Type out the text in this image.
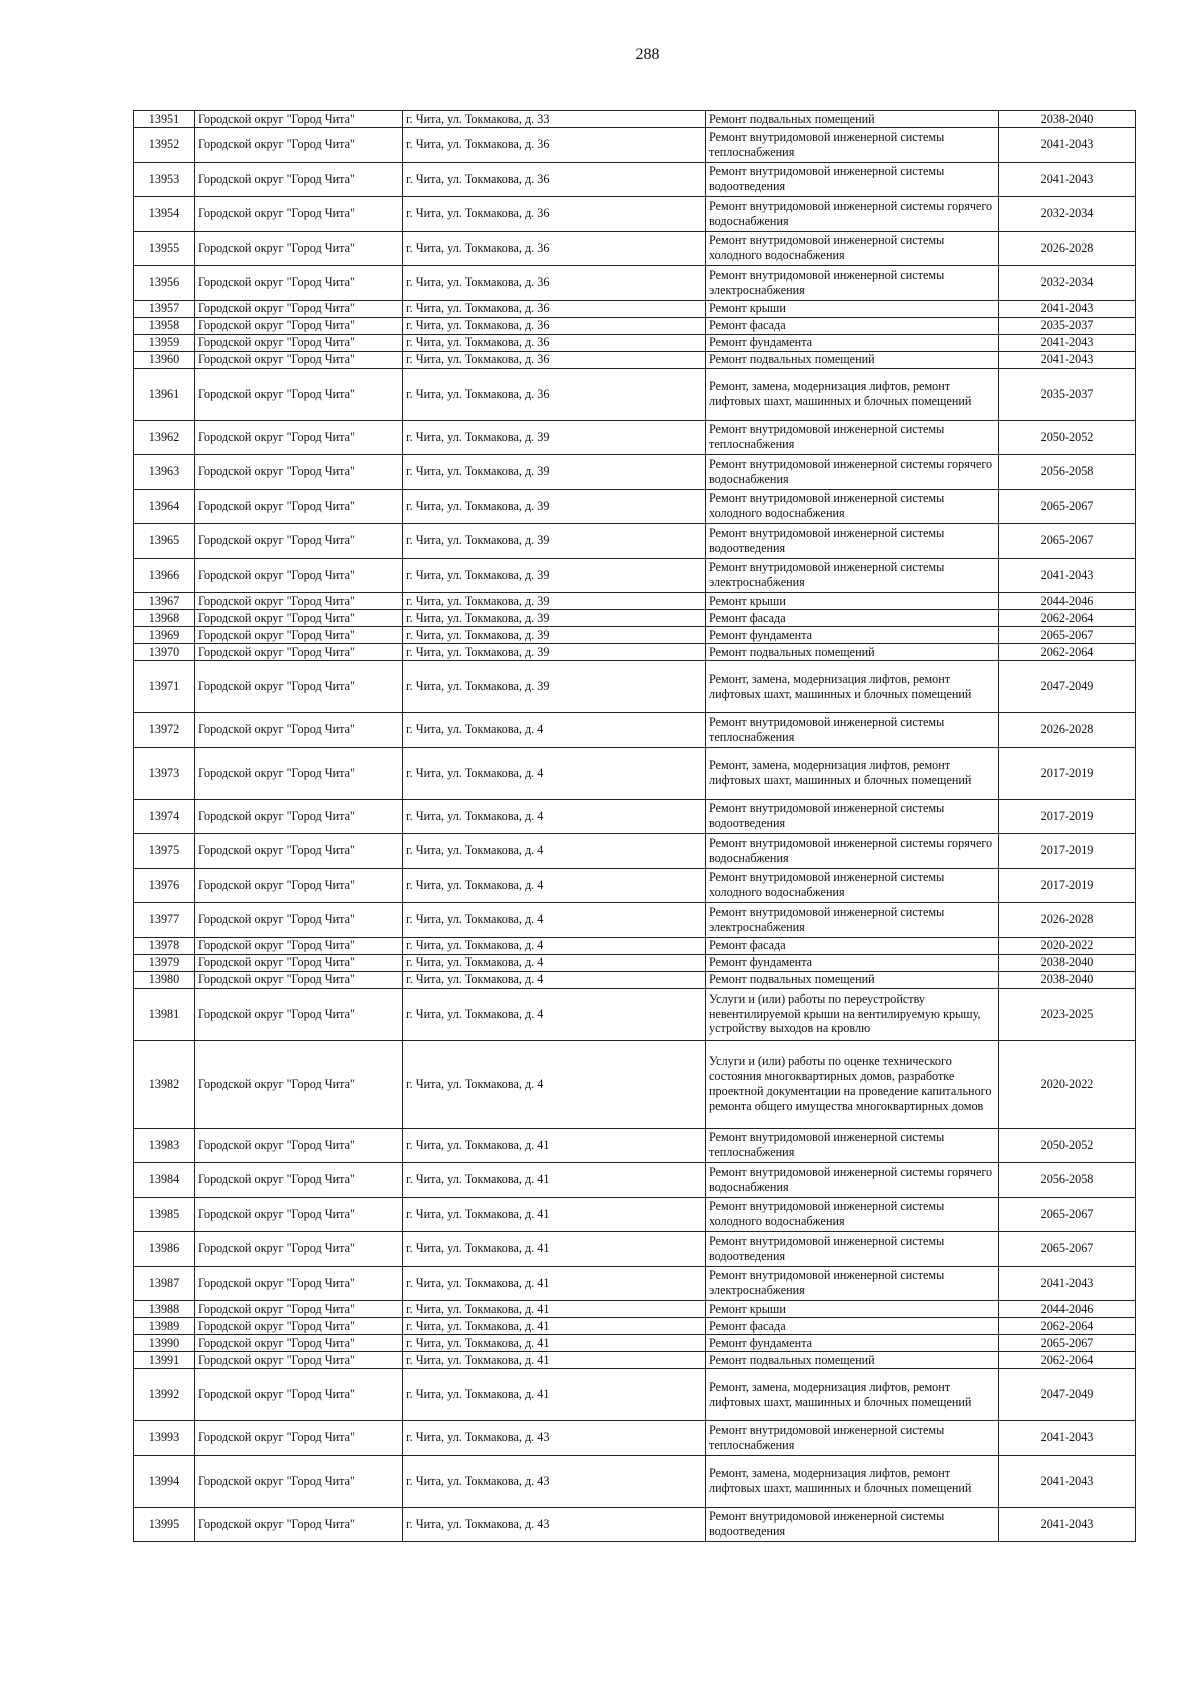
288
13951	Городской округ "Город Чита"	г. Чита, ул. Токмакова, д. 33	Ремонт подвальных помещений	2038-2040
13952	Городской округ "Город Чита"	г. Чита, ул. Токмакова, д. 36	Ремонт внутридомовой инженерной системы теплоснабжения	2041-2043
13953	Городской округ "Город Чита"	г. Чита, ул. Токмакова, д. 36	Ремонт внутридомовой инженерной системы водоотведения	2041-2043
13954	Городской округ "Город Чита"	г. Чита, ул. Токмакова, д. 36	Ремонт внутридомовой инженерной системы горячего водоснабжения	2032-2034
13955	Городской округ "Город Чита"	г. Чита, ул. Токмакова, д. 36	Ремонт внутридомовой инженерной системы холодного водоснабжения	2026-2028
13956	Городской округ "Город Чита"	г. Чита, ул. Токмакова, д. 36	Ремонт внутридомовой инженерной системы электроснабжения	2032-2034
13957	Городской округ "Город Чита"	г. Чита, ул. Токмакова, д. 36	Ремонт крыши	2041-2043
13958	Городской округ "Город Чита"	г. Чита, ул. Токмакова, д. 36	Ремонт фасада	2035-2037
13959	Городской округ "Город Чита"	г. Чита, ул. Токмакова, д. 36	Ремонт фундамента	2041-2043
13960	Городской округ "Город Чита"	г. Чита, ул. Токмакова, д. 36	Ремонт подвальных помещений	2041-2043
13961	Городской округ "Город Чита"	г. Чита, ул. Токмакова, д. 36	Ремонт, замена, модернизация лифтов, ремонт лифтовых шахт, машинных и блочных помещений	2035-2037
13962	Городской округ "Город Чита"	г. Чита, ул. Токмакова, д. 39	Ремонт внутридомовой инженерной системы теплоснабжения	2050-2052
13963	Городской округ "Город Чита"	г. Чита, ул. Токмакова, д. 39	Ремонт внутридомовой инженерной системы горячего водоснабжения	2056-2058
13964	Городской округ "Город Чита"	г. Чита, ул. Токмакова, д. 39	Ремонт внутридомовой инженерной системы холодного водоснабжения	2065-2067
13965	Городской округ "Город Чита"	г. Чита, ул. Токмакова, д. 39	Ремонт внутридомовой инженерной системы водоотведения	2065-2067
13966	Городской округ "Город Чита"	г. Чита, ул. Токмакова, д. 39	Ремонт внутридомовой инженерной системы электроснабжения	2041-2043
13967	Городской округ "Город Чита"	г. Чита, ул. Токмакова, д. 39	Ремонт крыши	2044-2046
13968	Городской округ "Город Чита"	г. Чита, ул. Токмакова, д. 39	Ремонт фасада	2062-2064
13969	Городской округ "Город Чита"	г. Чита, ул. Токмакова, д. 39	Ремонт фундамента	2065-2067
13970	Городской округ "Город Чита"	г. Чита, ул. Токмакова, д. 39	Ремонт подвальных помещений	2062-2064
13971	Городской округ "Город Чита"	г. Чита, ул. Токмакова, д. 39	Ремонт, замена, модернизация лифтов, ремонт лифтовых шахт, машинных и блочных помещений	2047-2049
13972	Городской округ "Город Чита"	г. Чита, ул. Токмакова, д. 4	Ремонт внутридомовой инженерной системы теплоснабжения	2026-2028
13973	Городской округ "Город Чита"	г. Чита, ул. Токмакова, д. 4	Ремонт, замена, модернизация лифтов, ремонт лифтовых шахт, машинных и блочных помещений	2017-2019
13974	Городской округ "Город Чита"	г. Чита, ул. Токмакова, д. 4	Ремонт внутридомовой инженерной системы водоотведения	2017-2019
13975	Городской округ "Город Чита"	г. Чита, ул. Токмакова, д. 4	Ремонт внутридомовой инженерной системы горячего водоснабжения	2017-2019
13976	Городской округ "Город Чита"	г. Чита, ул. Токмакова, д. 4	Ремонт внутридомовой инженерной системы холодного водоснабжения	2017-2019
13977	Городской округ "Город Чита"	г. Чита, ул. Токмакова, д. 4	Ремонт внутридомовой инженерной системы электроснабжения	2026-2028
13978	Городской округ "Город Чита"	г. Чита, ул. Токмакова, д. 4	Ремонт фасада	2020-2022
13979	Городской округ "Город Чита"	г. Чита, ул. Токмакова, д. 4	Ремонт фундамента	2038-2040
13980	Городской округ "Город Чита"	г. Чита, ул. Токмакова, д. 4	Ремонт подвальных помещений	2038-2040
13981	Городской округ "Город Чита"	г. Чита, ул. Токмакова, д. 4	Услуги и (или) работы по переустройству невентилируемой крыши на вентилируемую крышу, устройству выходов на кровлю	2023-2025
13982	Городской округ "Город Чита"	г. Чита, ул. Токмакова, д. 4	Услуги и (или) работы по оценке технического состояния многоквартирных домов, разработке проектной документации на проведение капитального ремонта общего имущества многоквартирных домов	2020-2022
13983	Городской округ "Город Чита"	г. Чита, ул. Токмакова, д. 41	Ремонт внутридомовой инженерной системы теплоснабжения	2050-2052
13984	Городской округ "Город Чита"	г. Чита, ул. Токмакова, д. 41	Ремонт внутридомовой инженерной системы горячего водоснабжения	2056-2058
13985	Городской округ "Город Чита"	г. Чита, ул. Токмакова, д. 41	Ремонт внутридомовой инженерной системы холодного водоснабжения	2065-2067
13986	Городской округ "Город Чита"	г. Чита, ул. Токмакова, д. 41	Ремонт внутридомовой инженерной системы водоотведения	2065-2067
13987	Городской округ "Город Чита"	г. Чита, ул. Токмакова, д. 41	Ремонт внутридомовой инженерной системы электроснабжения	2041-2043
13988	Городской округ "Город Чита"	г. Чита, ул. Токмакова, д. 41	Ремонт крыши	2044-2046
13989	Городской округ "Город Чита"	г. Чита, ул. Токмакова, д. 41	Ремонт фасада	2062-2064
13990	Городской округ "Город Чита"	г. Чита, ул. Токмакова, д. 41	Ремонт фундамента	2065-2067
13991	Городской округ "Город Чита"	г. Чита, ул. Токмакова, д. 41	Ремонт подвальных помещений	2062-2064
13992	Городской округ "Город Чита"	г. Чита, ул. Токмакова, д. 41	Ремонт, замена, модернизация лифтов, ремонт лифтовых шахт, машинных и блочных помещений	2047-2049
13993	Городской округ "Город Чита"	г. Чита, ул. Токмакова, д. 43	Ремонт внутридомовой инженерной системы теплоснабжения	2041-2043
13994	Городской округ "Город Чита"	г. Чита, ул. Токмакова, д. 43	Ремонт, замена, модернизация лифтов, ремонт лифтовых шахт, машинных и блочных помещений	2041-2043
13995	Городской округ "Город Чита"	г. Чита, ул. Токмакова, д. 43	Ремонт внутридомовой инженерной системы водоотведения	2041-2043
